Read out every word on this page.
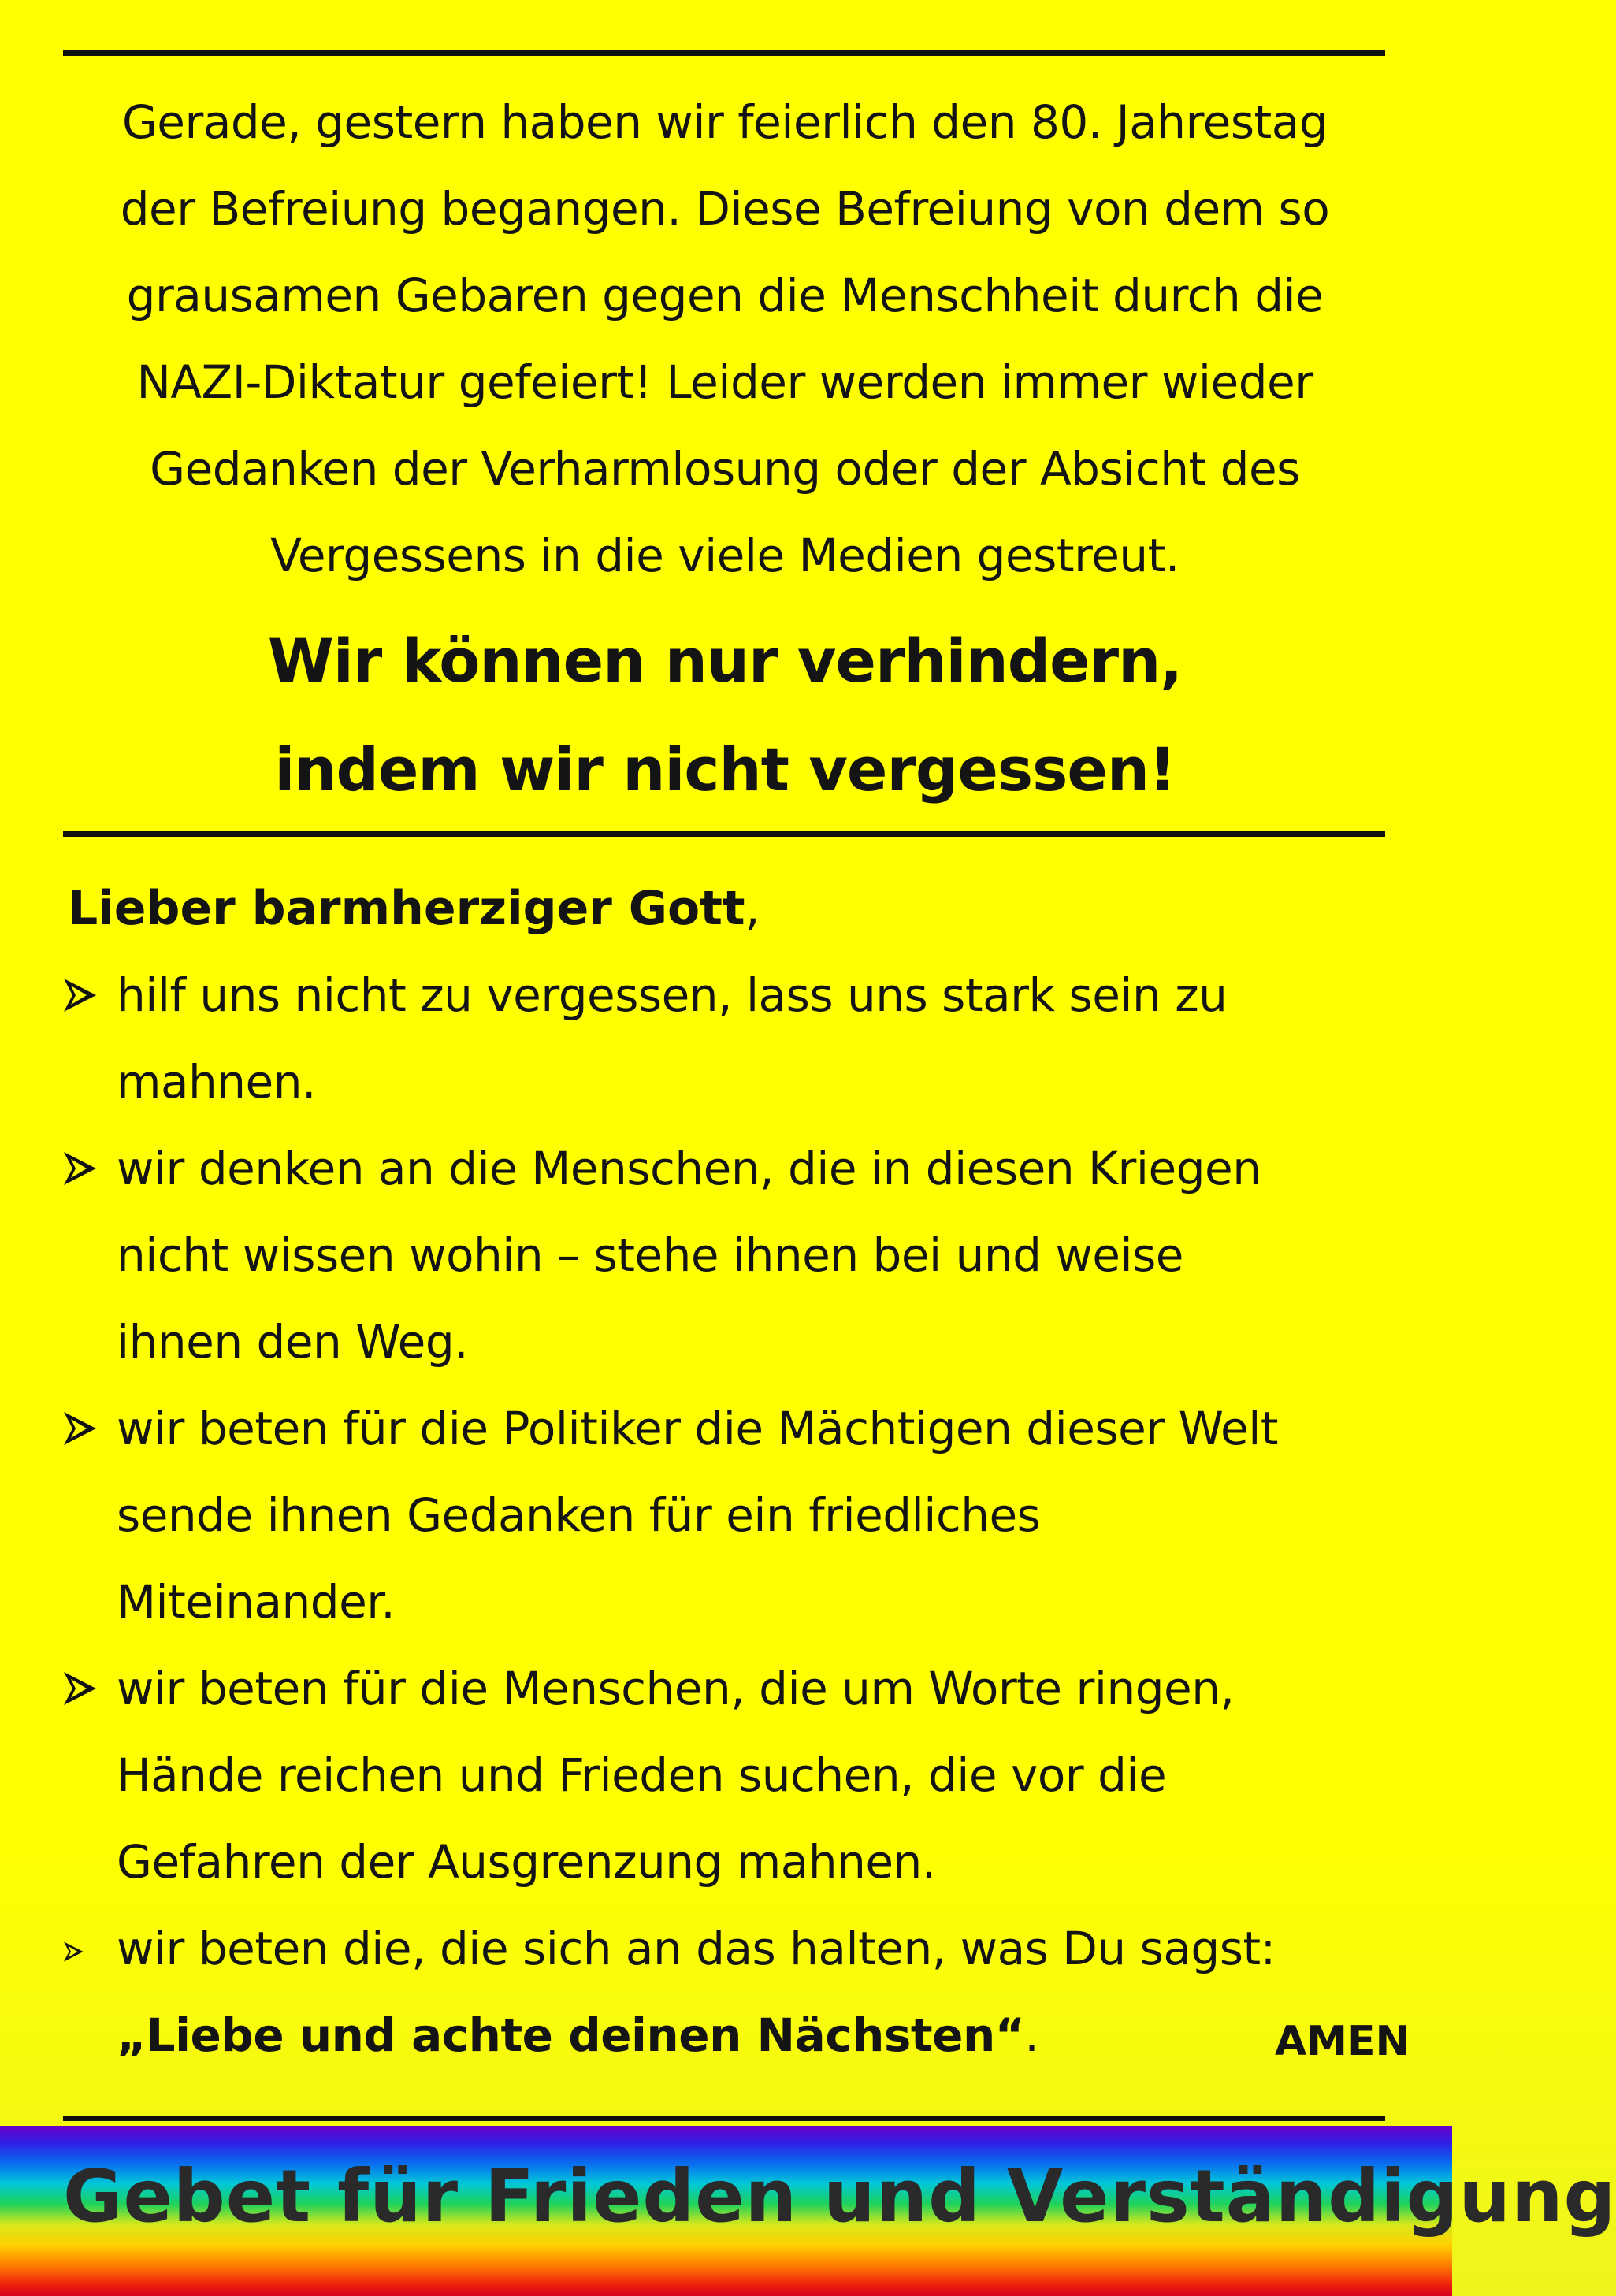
Gerade, gestern haben wir feierlich den 80. Jahrestag
der Befreiung begangen. Diese Befreiung von dem so
grausamen Gebaren gegen die Menschheit durch die
NAZI-Diktatur gefeiert! Leider werden immer wieder
Gedanken der Verharmlosung oder der Absicht des
Vergessens in die viele Medien gestreut.
Wir können nur verhindern,
indem wir nicht vergessen!
Lieber barmherziger Gott,
hilf uns nicht zu vergessen, lass uns stark sein zu
mahnen.
wir denken an die Menschen, die in diesen Kriegen
nicht wissen wohin – stehe ihnen bei und weise
ihnen den Weg.
wir beten für die Politiker die Mächtigen dieser Welt
sende ihnen Gedanken für ein friedliches
Miteinander.
wir beten für die Menschen, die um Worte ringen,
Hände reichen und Frieden suchen, die vor die
Gefahren der Ausgrenzung mahnen.
wir beten die, die sich an das halten, was Du sagst:
„Liebe und achte deinen Nächsten“.	AMEN
Gebet für Frieden und Verständigung
